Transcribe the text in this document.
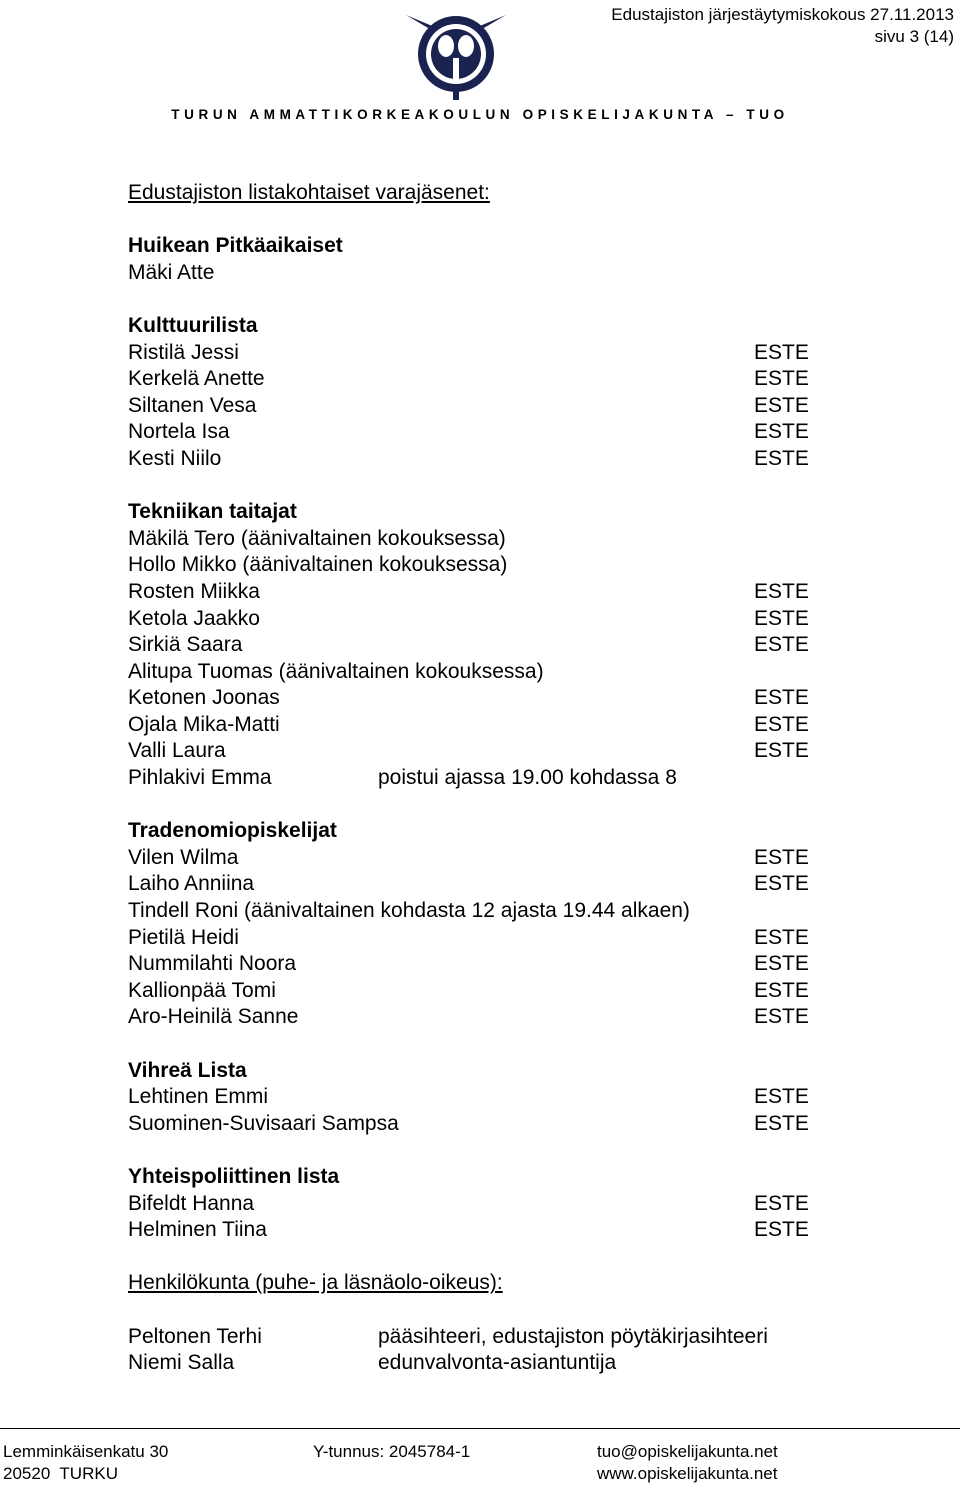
Edustajiston järjestäytymiskokous 27.11.2013
sivu 3 (14)
TURUN AMMATTIKORKEAKOULUN OPISKELIJAKUNTA – TUO
Edustajiston listakohtaiset varajäsenet:
Huikean Pitkäaikaiset
Mäki Atte
Kulttuurilista
Ristilä Jessi	ESTE
Kerkelä Anette	ESTE
Siltanen Vesa	ESTE
Nortela Isa	ESTE
Kesti Niilo	ESTE
Tekniikan taitajat
Mäkilä Tero (äänivaltainen kokouksessa)
Hollo Mikko (äänivaltainen kokouksessa)
Rosten Miikka	ESTE
Ketola Jaakko	ESTE
Sirkiä Saara	ESTE
Alitupa Tuomas (äänivaltainen kokouksessa)
Ketonen Joonas	ESTE
Ojala Mika-Matti	ESTE
Valli Laura	ESTE
Pihlakivi Emma	poistui ajassa 19.00 kohdassa 8
Tradenomiopiskelijat
Vilen Wilma	ESTE
Laiho Anniina	ESTE
Tindell Roni (äänivaltainen kohdasta 12 ajasta 19.44 alkaen)
Pietilä Heidi	ESTE
Nummilahti Noora	ESTE
Kallionpää Tomi	ESTE
Aro-Heinilä Sanne	ESTE
Vihreä Lista
Lehtinen Emmi	ESTE
Suominen-Suvisaari Sampsa	ESTE
Yhteispoliittinen lista
Bifeldt Hanna	ESTE
Helminen Tiina	ESTE
Henkilökunta (puhe- ja läsnäolo-oikeus):
Peltonen Terhi	pääsihteeri, edustajiston pöytäkirjasihteeri
Niemi Salla	edunvalvonta-asiantuntija
Lemminkäisenkatu 30
20520  TURKU
Y-tunnus: 2045784-1	tuo@opiskelijakunta.net
www.opiskelijakunta.net
